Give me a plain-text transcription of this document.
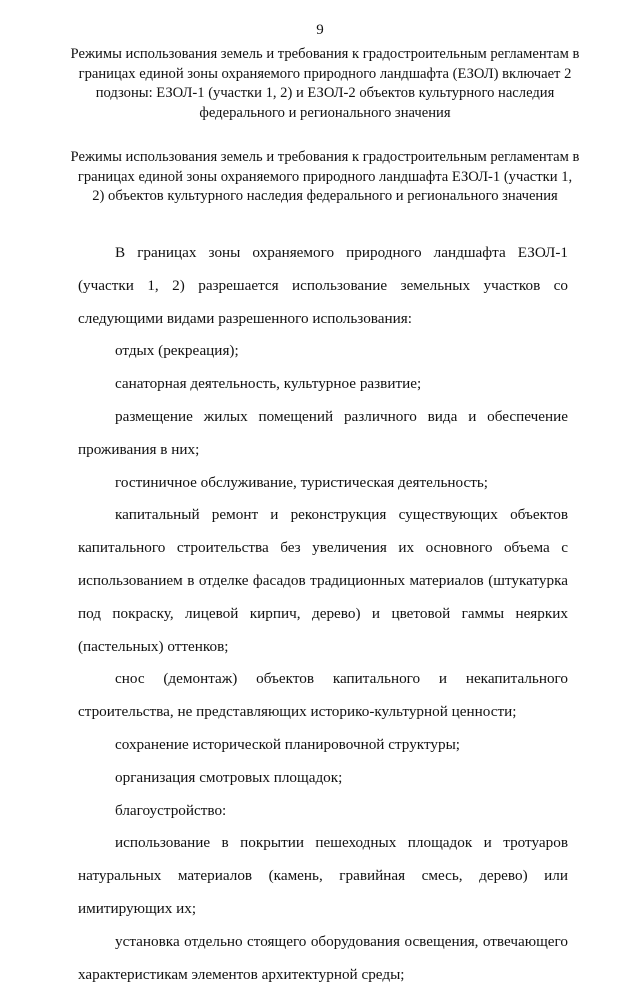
9
Режимы использования земель и требования к градостроительным регламентам в границах единой зоны охраняемого природного ландшафта (ЕЗОЛ) включает 2 подзоны: ЕЗОЛ-1 (участки 1, 2) и ЕЗОЛ-2 объектов культурного наследия федерального и регионального значения
Режимы использования земель и требования к градостроительным регламентам в границах единой зоны охраняемого природного ландшафта ЕЗОЛ-1 (участки 1, 2) объектов культурного наследия федерального и регионального значения

В границах зоны охраняемого природного ландшафта ЕЗОЛ-1 (участки 1, 2) разрешается использование земельных участков со следующими видами разрешенного использования:

отдых (рекреация);

санаторная деятельность, культурное развитие;

размещение жилых помещений различного вида и обеспечение проживания в них;

гостиничное обслуживание, туристическая деятельность;

капитальный ремонт и реконструкция существующих объектов капитального строительства без увеличения их основного объема с использованием в отделке фасадов традиционных материалов (штукатурка под покраску, лицевой кирпич, дерево) и цветовой гаммы неярких (пастельных) оттенков;

снос (демонтаж) объектов капитального и некапитального строительства, не представляющих историко-культурной ценности;

сохранение исторической планировочной структуры;

организация смотровых площадок;

благоустройство:

использование в покрытии пешеходных площадок и тротуаров натуральных материалов (камень, гравийная смесь, дерево) или имитирующих их;

установка отдельно стоящего оборудования освещения, отвечающего характеристикам элементов архитектурной среды;
